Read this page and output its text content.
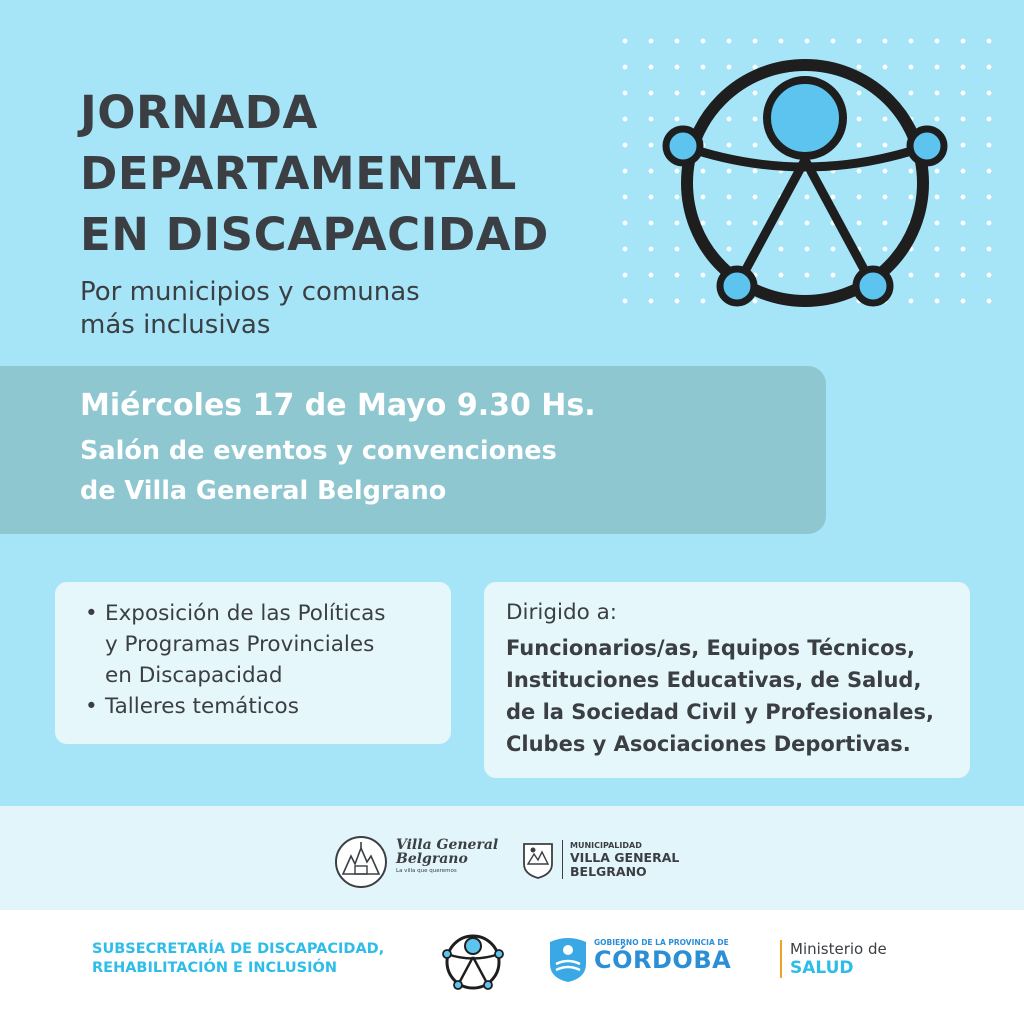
JORNADA
DEPARTAMENTAL
EN DISCAPACIDAD

Por municipios y comunas
más inclusivas

Miércoles 17 de Mayo 9.30 Hs.
Salón de eventos y convenciones
de Villa General Belgrano
• Exposición de las Políticas
y Programas Provinciales
en Discapacidad
• Talleres temáticos
Dirigido a:
Funcionarios/as, Equipos Técnicos,
Instituciones Educativas, de Salud,
de la Sociedad Civil y Profesionales,
Clubes y Asociaciones Deportivas.
Villa General
Belgrano
La villa que queremos
MUNICIPALIDAD
VILLA GENERAL
BELGRANO
SUBSECRETARÍA DE DISCAPACIDAD,
REHABILITACIÓN E INCLUSIÓN
GOBIERNO DE LA PROVINCIA DE
CÓRDOBA	Ministerio de
SALUD
